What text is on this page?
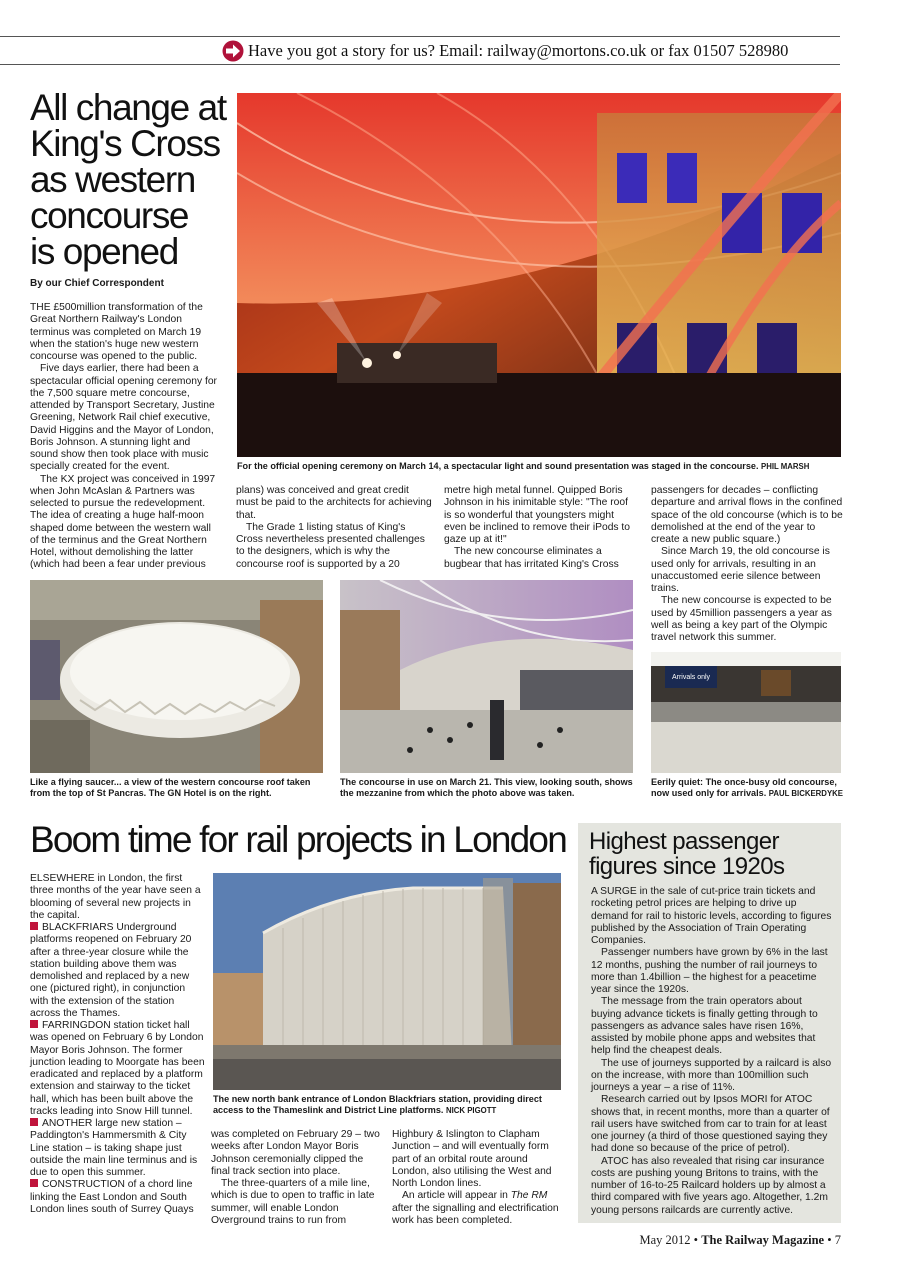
Have you got a story for us? Email: railway@mortons.co.uk or fax 01507 528980
All change at
King's Cross
as western
concourse
is opened
By our Chief Correspondent

THE £500million transformation of the Great Northern Railway's London terminus was completed on March 19 when the station's huge new western concourse was opened to the public.

Five days earlier, there had been a spectacular official opening ceremony for the 7,500 square metre concourse, attended by Transport Secretary, Justine Greening, Network Rail chief executive, David Higgins and the Mayor of London, Boris Johnson. A stunning light and sound show then took place with music specially created for the event.

The KX project was conceived in 1997 when John McAslan & Partners was selected to pursue the redevelopment. The idea of creating a huge half-moon shaped dome between the western wall of the terminus and the Great Northern Hotel, without demolishing the latter (which had been a fear under previous

For the official opening ceremony on March 14, a spectacular light and sound presentation was staged in the concourse. PHIL MARSH

plans) was conceived and great credit must be paid to the architects for achieving that.

The Grade 1 listing status of King's Cross nevertheless presented challenges to the designers, which is why the concourse roof is supported by a 20

metre high metal funnel. Quipped Boris Johnson in his inimitable style: "The roof is so wonderful that youngsters might even be inclined to remove their iPods to gaze up at it!"

The new concourse eliminates a bugbear that has irritated King's Cross

passengers for decades – conflicting departure and arrival flows in the confined space of the old concourse (which is to be demolished at the end of the year to create a new public square.)

Since March 19, the old concourse is used only for arrivals, resulting in an unaccustomed eerie silence between trains.

The new concourse is expected to be used by 45million passengers a year as well as being a key part of the Olympic travel network this summer.

Arrivals only
Like a flying saucer... a view of the western concourse roof taken from the top of St Pancras. The GN Hotel is on the right.
The concourse in use on March 21. This view, looking south, shows the mezzanine from which the photo above was taken.
Eerily quiet: The once-busy old concourse, now used only for arrivals. PAUL BICKERDYKE
Boom time for rail projects in London

ELSEWHERE in London, the first three months of the year have seen a blooming of several new projects in the capital.

BLACKFRIARS Underground platforms reopened on February 20 after a three-year closure while the station building above them was demolished and replaced by a new one (pictured right), in conjunction with the extension of the station across the Thames.
FARRINGDON station ticket hall was opened on February 6 by London Mayor Boris Johnson. The former junction leading to Moorgate has been eradicated and replaced by a platform extension and stairway to the ticket hall, which has been built above the tracks leading into Snow Hill tunnel.
ANOTHER large new station – Paddington's Hammersmith & City Line station – is taking shape just outside the main line terminus and is due to open this summer.
CONSTRUCTION of a chord line linking the East London and South London lines south of Surrey Quays
The new north bank entrance of London Blackfriars station, providing direct access to the Thameslink and District Line platforms. NICK PIGOTT

was completed on February 29 – two weeks after London Mayor Boris Johnson ceremonially clipped the final track section into place.

The three-quarters of a mile line, which is due to open to traffic in late summer, will enable London Overground trains to run from

Highbury & Islington to Clapham Junction – and will eventually form part of an orbital route around London, also utilising the West and North London lines.

An article will appear in The RM after the signalling and electrification work has been completed.

Highest passenger
figures since 1920s

A SURGE in the sale of cut-price train tickets and rocketing petrol prices are helping to drive up demand for rail to historic levels, according to figures published by the Association of Train Operating Companies.

Passenger numbers have grown by 6% in the last 12 months, pushing the number of rail journeys to more than 1.4billion – the highest for a peacetime year since the 1920s.

The message from the train operators about buying advance tickets is finally getting through to passengers as advance sales have risen 16%, assisted by mobile phone apps and websites that help find the cheapest deals.

The use of journeys supported by a railcard is also on the increase, with more than 100million such journeys a year – a rise of 11%.

Research carried out by Ipsos MORI for ATOC shows that, in recent months, more than a quarter of rail users have switched from car to train for at least one journey (a third of those questioned saying they had done so because of the price of petrol).

ATOC has also revealed that rising car insurance costs are pushing young Britons to trains, with the number of 16-to-25 Railcard holders up by almost a third compared with five years ago. Altogether, 1.2m young persons railcards are currently active.

May 2012 • The Railway Magazine • 7
